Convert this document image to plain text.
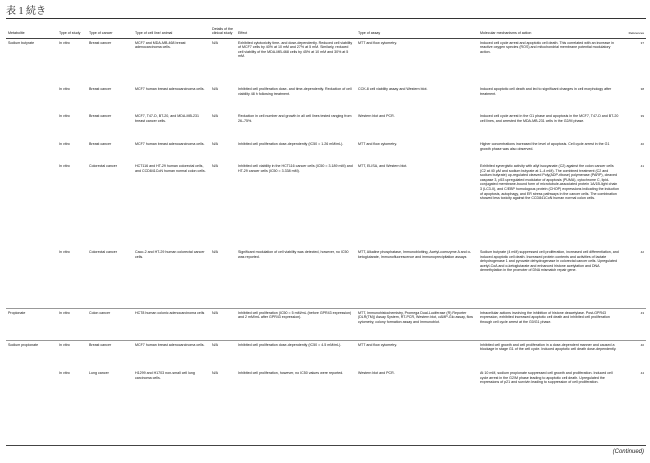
表 1 続き
Metabolite	Type of study	Type of cancer	Type of cell line/ animal	Details of the clinical study	Effect	Type of assay	Molecular mechanisms of action	References
Sodium butyrate	In vitro	Breast cancer	MCF7 and MDA-MB-468 breast adenocarcinoma cells.	N/A	Exhibited cytotoxicity time- and dose-dependently. Reduced cell viability of MCF7 cells by 40% at 10 mM and 27% at 5 mM. Similarly, reduced cell viability of the MDA-MB-468 cells by 45% at 10 mM and 30% at 5 mM.	MTT and flow cytometry.	Induced cell cycle arrest and apoptotic cell death. This correlated with an increase in reactive oxygen species (ROS) and mitochondrial membrane potential modulatory action.	37
	In vitro	Breast cancer	MCF7 human breast adenocarcinoma cells.	N/A	Inhibited cell proliferation dose- and time-dependently. Reduction of cell viability 48 h following treatment.	CCK-8 cell viability assay and Western blot.	Induced apoptotic cell death and led to significant changes in cell morphology after treatment.	38
	In vitro	Breast cancer	MCF7, T47-D, BT-20, and MDA-MB-231 breast cancer cells.	N/A	Reduction in cell number and growth in all cell lines tested ranging from 26–75%.	Western blot and PCR.	Induced cell cycle arrest in the G1 phase and apoptosis in the MCF7, T47-D and BT-20 cell lines, and arrested the MDA-MB-231 cells in the G2/M phase.	39
	In vitro	Breast cancer	MCF7 human breast adenocarcinoma cells.	N/A	Inhibited cell proliferation dose-dependently (IC50 = 1.26 mM/mL).	MTT and flow cytometry.	Higher concentrations increased the level of apoptosis. Cell cycle arrest in the G1 growth phase was also observed.	40
	In vitro	Colorectal cancer	HCT116 and HT-29 human colorectal cells, and CCD841CoN human normal colon cells.	N/A	Inhibited cell viability in the HCT116 cancer cells (IC50 = 3.189 mM) and HT-29 cancer cells (IC50 = 3.338 mM).	MTT, ELISA, and Western blot.	Exhibited synergistic activity with allyl isocyanate (C2) against the colon cancer cells (C2 at 40 μM and sodium butyrate at 1–4 mM). The combined treatment (C2 and sodium butyrate) up-regulated cleaved Poly(ADP-ribose) polymerase (PARP), cleaved caspase 3, p53 upregulated modulator of apoptosis (PUMA), cytochrome C, lipid-conjugated membrane-bound form of microtubule-associated protein 1A/1B-light chain 3 (LC3-II), and C/EBP homologous protein (CHOP) expressions indicating the induction of apoptosis, autophagy, and ER stress pathways in the cancer cells. The combination showed less toxicity against the CCD841CoN human normal colon cells.	41
	In vitro	Colorectal cancer	Caco-2 and HT-29 human colorectal cancer cells.	N/A	Significant modulation of cell viability was detected, however, no IC50 was reported.	MTT, Alkaline phosphatase, Immunoblotting, Acetyl-coenzyme A and α-ketoglutarate, Immunofluorescence and immunoprecipitation assays	Sodium butyrate (4 mM) suppressed cell proliferation, increased cell differentiation, and induced apoptotic cell death. Increased protein contents and activities of lactate dehydrogenase 1 and pyruvate dehydrogenase in colorectal cancer cells. Upregulated acetyl-CoA and α-ketoglutarate and enhanced histone acetylation and DNA demethylation in the promoter of DNA mismatch repair gene.	42
Propionate	In vitro	Colon cancer	HCT8 human colonic adenocarcinoma cells	N/A	Inhibited cell proliferation (IC50 = 5 mM/mL (before GPR43 expression) and 2 mM/mL after GPR43 expression).	MTT, Immunohistochemistry, Promega Dual-Luciferase (R) Reporter (DLR(TM)) Assay System, RT-PCR, Western blot, cAMP-Glo assay, flow cytometry, colony formation assay and Immunoblot.	Intracellular actions involving the inhibition of histone deacetylase. Post-GPR43 expression, exhibited increased apoptotic cell death and inhibited cell proliferation through cell cycle arrest at the G0/G1 phase.	43
Sodium propionate	In vitro	Breast cancer	MCF7 human breast adenocarcinoma cells.	N/A	Inhibited cell proliferation dose-dependently (IC50 = 4.5 mM/mL).	MTT and flow cytometry.	Inhibited cell growth and cell proliferation in a dose-dependent manner and caused a blockage in stage G1 of the cell cycle. Induced apoptotic cell death dose-dependently.	40
	In vitro	Lung cancer	H1299 and H1703 non-small cell lung carcinoma cells.	N/A	Inhibited cell proliferation, however, no IC50 values were reported.	Western blot and PCR.	At 10 mM, sodium propionate suppressed cell growth and proliferation. Induced cell cycle arrest in the G2/M phase leading to apoptotic cell death. Upregulated the expressions of p21 and survivin leading to suppression of cell proliferation.	44
(Continued)
